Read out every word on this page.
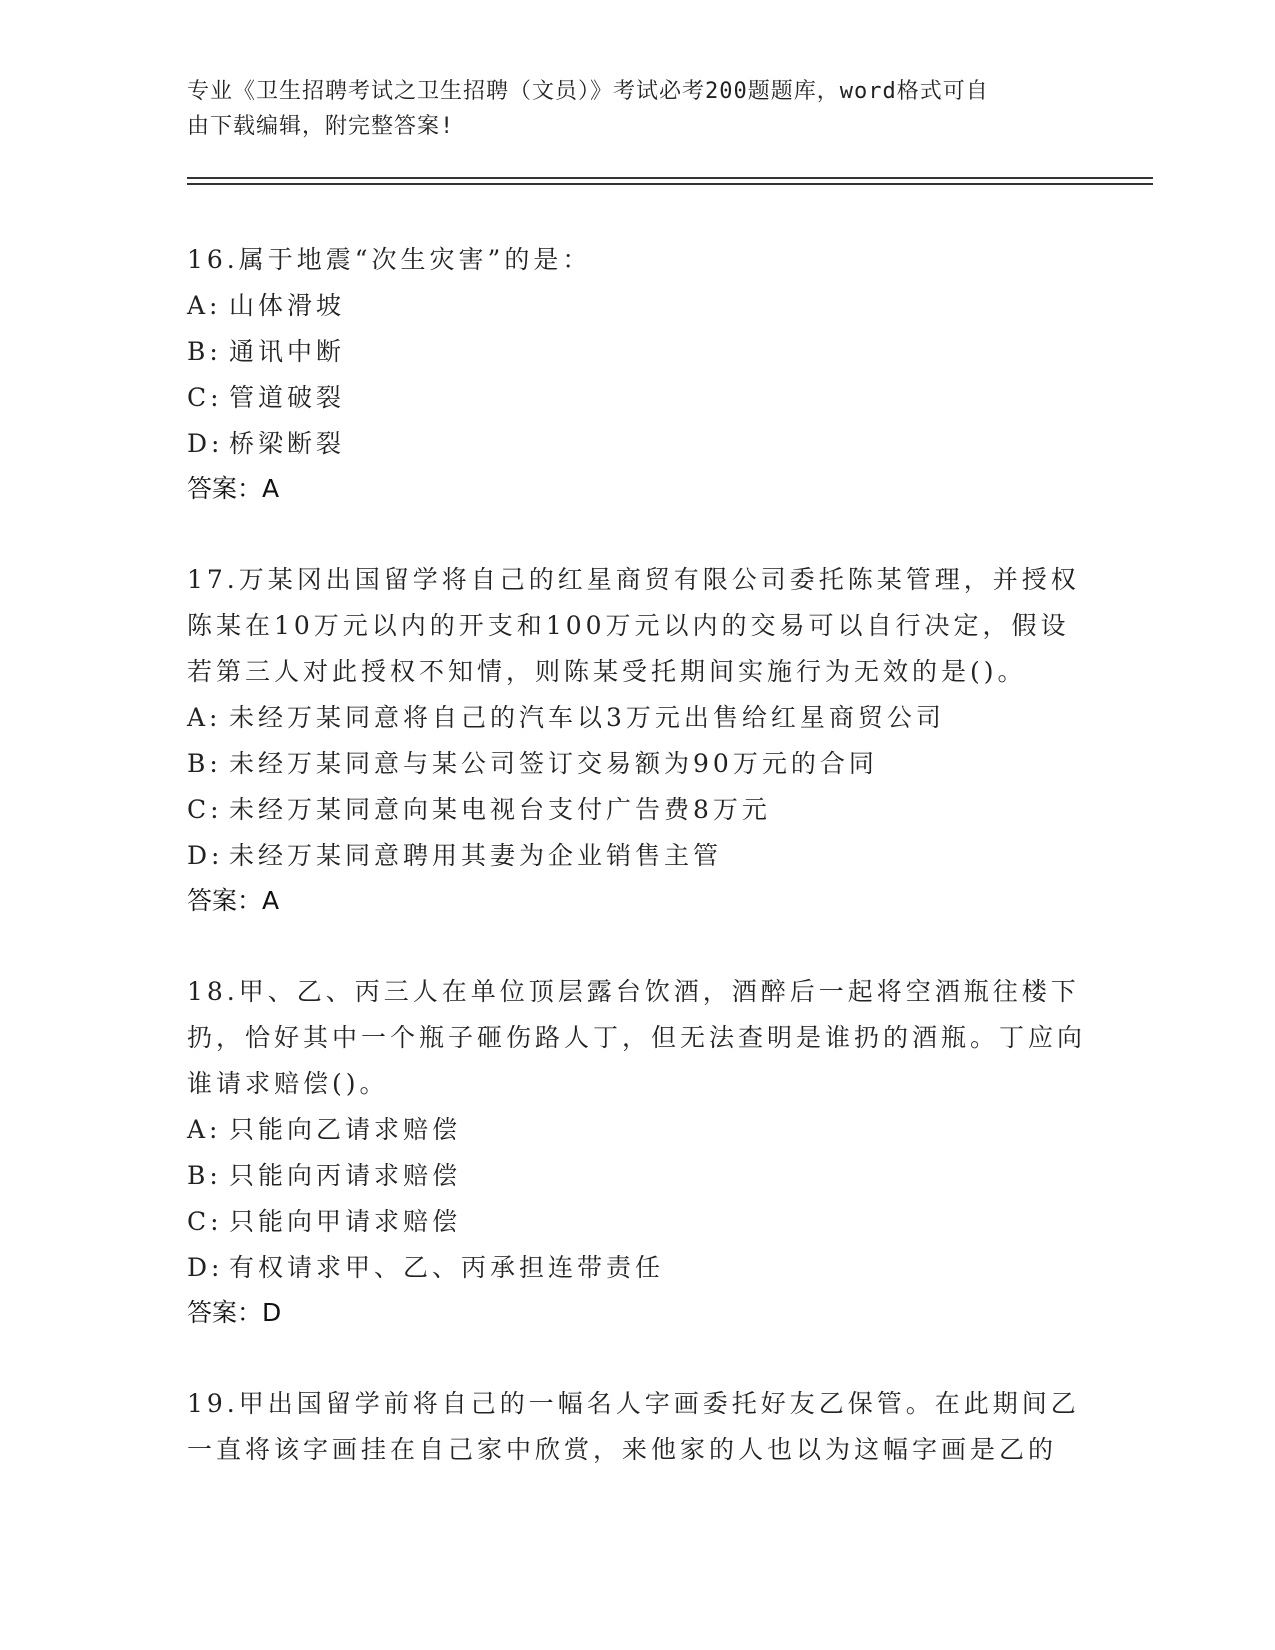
专业《卫生招聘考试之卫生招聘（文员）》考试必考200题题库，word格式可自
由下载编辑，附完整答案!
16.属于地震“次生灾害”的是：
A: 山体滑坡
B: 通讯中断
C: 管道破裂
D: 桥梁断裂
答案：A
17.万某冈出国留学将自己的红星商贸有限公司委托陈某管理，并授权陈某在10万元以内的开支和100万元以内的交易可以自行决定，假设若第三人对此授权不知情，则陈某受托期间实施行为无效的是()。
A: 未经万某同意将自己的汽车以3万元出售给红星商贸公司
B: 未经万某同意与某公司签订交易额为90万元的合同
C: 未经万某同意向某电视台支付广告费8万元
D: 未经万某同意聘用其妻为企业销售主管
答案：A
18.甲、乙、丙三人在单位顶层露台饮酒，酒醉后一起将空酒瓶往楼下扔，恰好其中一个瓶子砸伤路人丁，但无法查明是谁扔的酒瓶。丁应向谁请求赔偿()。
A: 只能向乙请求赔偿
B: 只能向丙请求赔偿
C: 只能向甲请求赔偿
D: 有权请求甲、乙、丙承担连带责任
答案：D
19.甲出国留学前将自己的一幅名人字画委托好友乙保管。在此期间乙一直将该字画挂在自己家中欣赏，来他家的人也以为这幅字画是乙的
